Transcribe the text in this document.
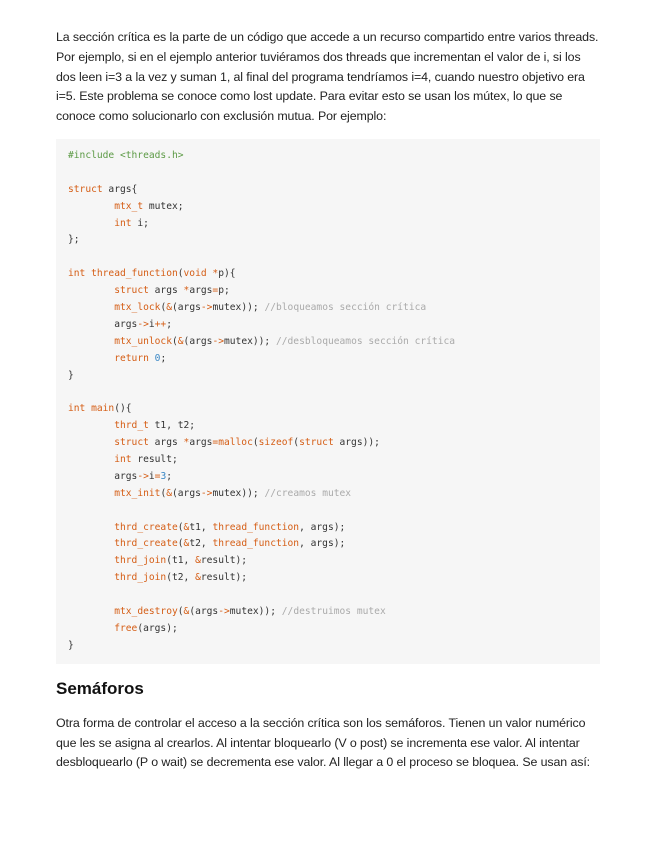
La sección crítica es la parte de un código que accede a un recurso compartido entre varios threads. Por ejemplo, si en el ejemplo anterior tuviéramos dos threads que incrementan el valor de i, si los dos leen i=3 a la vez y suman 1, al final del programa tendríamos i=4, cuando nuestro objetivo era i=5. Este problema se conoce como lost update. Para evitar esto se usan los mútex, lo que se conoce como solucionarlo con exclusión mutua. Por ejemplo:

#include <threads.h>
struct args{
mtx_t mutex;
int i;
};
int thread_function(void *p){
struct args *args=p;
mtx_lock(&(args->mutex)); //bloqueamos sección crítica
args->i++;
mtx_unlock(&(args->mutex)); //desbloqueamos sección crítica
return 0;
}
int main(){
thrd_t t1, t2;
struct args *args=malloc(sizeof(struct args));
int result;
args->i=3;
mtx_init(&(args->mutex)); //creamos mutex
thrd_create(&t1, thread_function, args);
thrd_create(&t2, thread_function, args);
thrd_join(t1, &result);
thrd_join(t2, &result);
mtx_destroy(&(args->mutex)); //destruimos mutex
free(args);
}
Semáforos

Otra forma de controlar el acceso a la sección crítica son los semáforos. Tienen un valor numérico que les se asigna al crearlos. Al intentar bloquearlo (V o post) se incrementa ese valor. Al intentar desbloquearlo (P o wait) se decrementa ese valor. Al llegar a 0 el proceso se bloquea. Se usan así:
